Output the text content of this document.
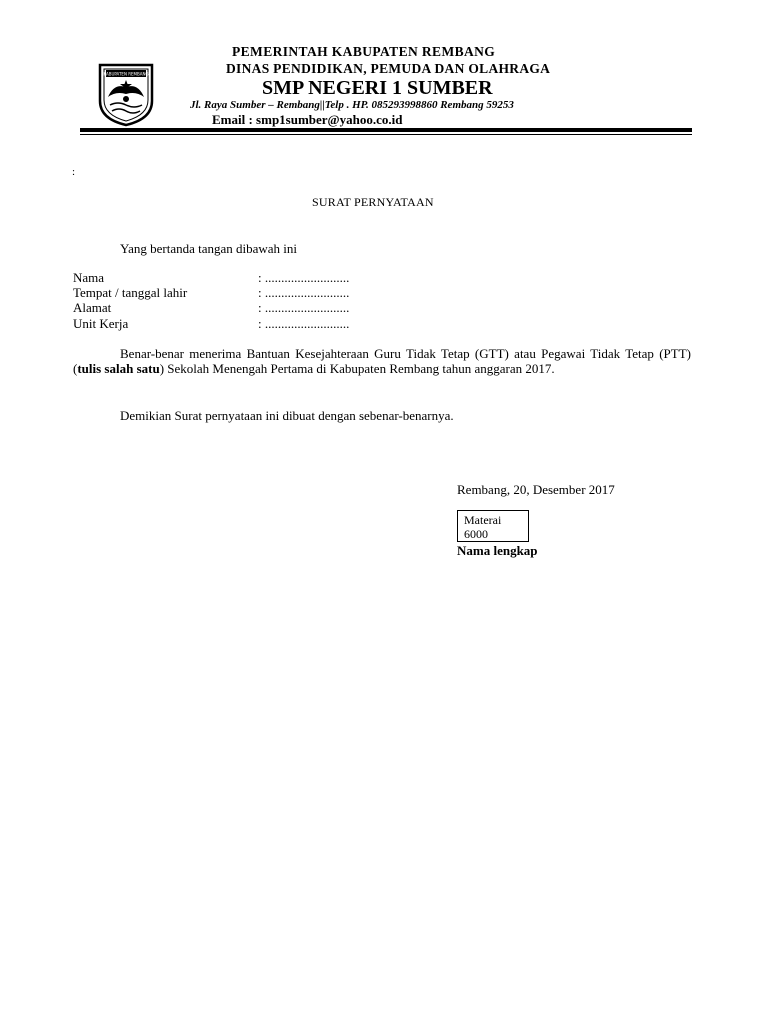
KABUPATEN REMBANG
PEMERINTAH KABUPATEN REMBANG
DINAS PENDIDIKAN, PEMUDA DAN OLAHRAGA
SMP NEGERI 1 SUMBER
Jl. Raya Sumber – Rembang||Telp . HP. 085293998860 Rembang 59253
Email : smp1sumber@yahoo.co.id
:
SURAT PERNYATAAN
Yang bertanda tangan dibawah ini
Nama	: ..........................
Tempat / tanggal lahir	: ..........................
Alamat	: ..........................
Unit Kerja	: ..........................
Benar-benar menerima Bantuan Kesejahteraan Guru Tidak Tetap (GTT) atau Pegawai Tidak Tetap (PTT) (tulis salah satu) Sekolah Menengah Pertama di Kabupaten Rembang tahun anggaran 2017.
Demikian Surat pernyataan ini dibuat dengan sebenar-benarnya.
Rembang, 20, Desember 2017
Materai
6000
Nama lengkap
